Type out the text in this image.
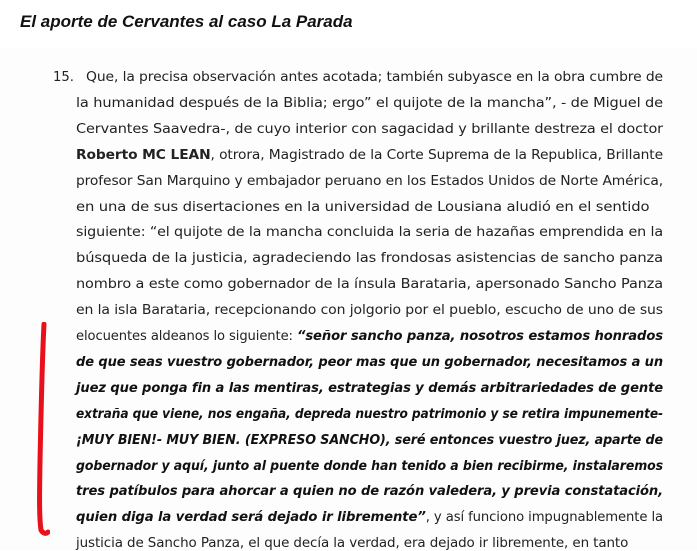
El aporte de Cervantes al caso La Parada
15. Que, la precisa observación antes acotada; también subyasce en la obra cumbre de
la humanidad después de la Biblia; ergo” el quijote de la mancha”, - de Miguel de
Cervantes Saavedra-, de cuyo interior con sagacidad y brillante destreza el doctor
Roberto MC LEAN, otrora, Magistrado de la Corte Suprema de la Republica, Brillante
profesor San Marquino y embajador peruano en los Estados Unidos de Norte América,
en una de sus disertaciones en la universidad de Lousiana aludió en el sentido
siguiente: “el quijote de la mancha concluida la seria de hazañas emprendida en la
búsqueda de la justicia, agradeciendo las frondosas asistencias de sancho panza
nombro a este como gobernador de la ínsula Barataria, apersonado Sancho Panza
en la isla Barataria, recepcionando con jolgorio por el pueblo, escucho de uno de sus
elocuentes aldeanos lo siguiente: “señor sancho panza, nosotros estamos honrados
de que seas vuestro gobernador, peor mas que un gobernador, necesitamos a un
juez que ponga fin a las mentiras, estrategias y demás arbitrariedades de gente
extraña que viene, nos engaña, depreda nuestro patrimonio y se retira impunemente-
¡MUY BIEN!- MUY BIEN. (EXPRESO SANCHO), seré entonces vuestro juez, aparte de
gobernador y aquí, junto al puente donde han tenido a bien recibirme, instalaremos
tres patíbulos para ahorcar a quien no de razón valedera, y previa constatación,
quien diga la verdad será dejado ir libremente”, y así funciono impugnablemente la
justicia de Sancho Panza, el que decía la verdad, era dejado ir libremente, en tanto
